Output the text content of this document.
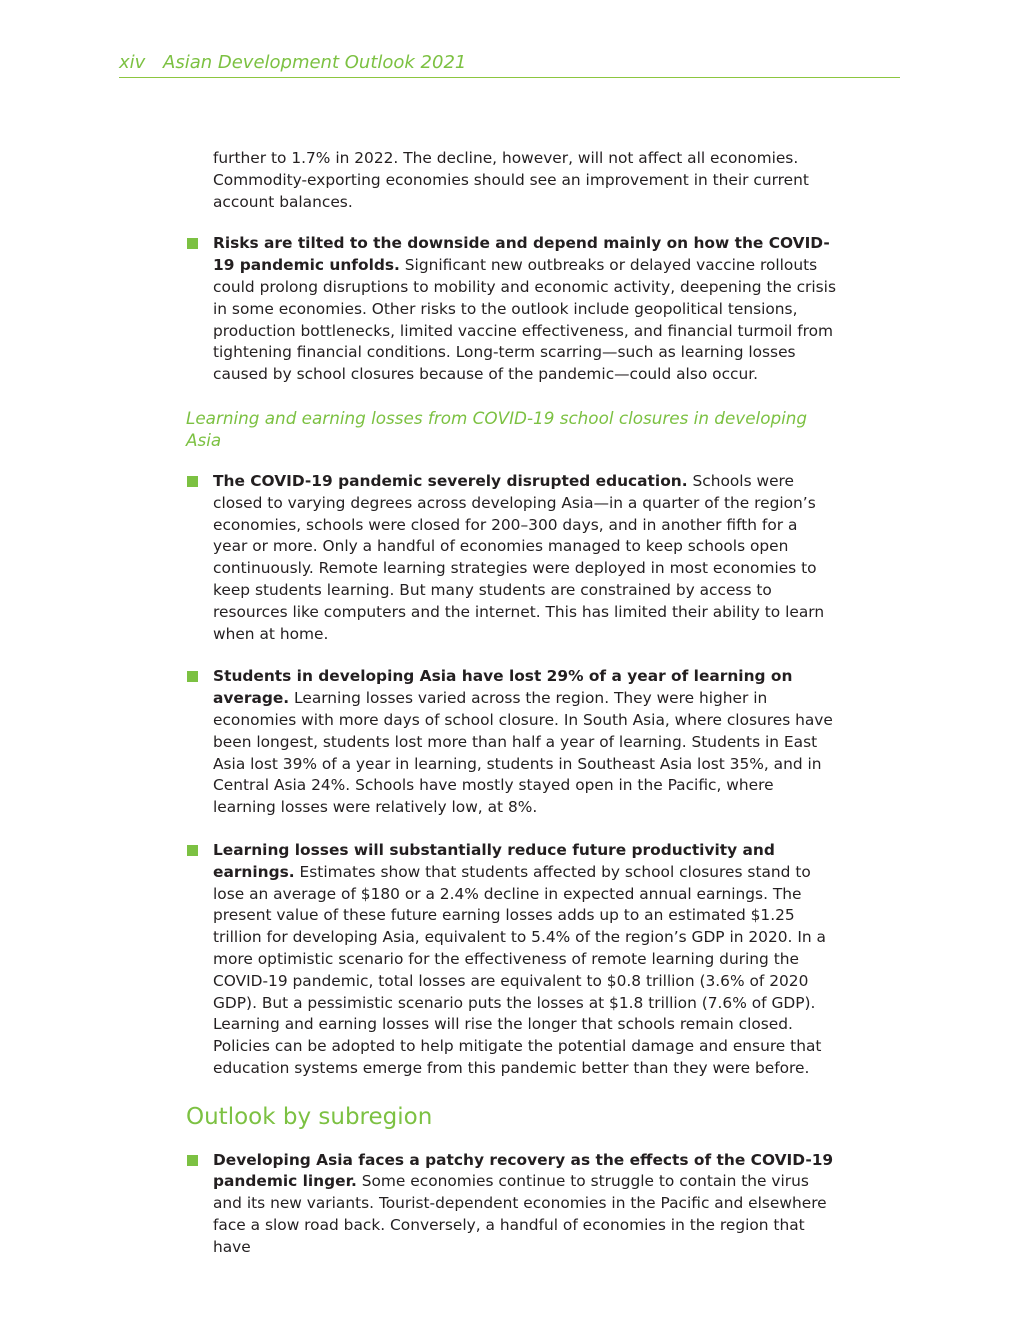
xiv Asian Development Outlook 2021

further to 1.7% in 2022. The decline, however, will not affect all economies. Commodity-exporting economies should see an improvement in their current account balances.

Risks are tilted to the downside and depend mainly on how the COVID-19 pandemic unfolds. Significant new outbreaks or delayed vaccine rollouts could prolong disruptions to mobility and economic activity, deepening the crisis in some economies. Other risks to the outlook include geopolitical tensions, production bottlenecks, limited vaccine effectiveness, and financial turmoil from tightening financial conditions. Long-term scarring—such as learning losses caused by school closures because of the pandemic—could also occur.

Learning and earning losses from COVID-19 school closures in developing Asia

The COVID-19 pandemic severely disrupted education. Schools were closed to varying degrees across developing Asia—in a quarter of the region’s economies, schools were closed for 200–300 days, and in another fifth for a year or more. Only a handful of economies managed to keep schools open continuously. Remote learning strategies were deployed in most economies to keep students learning. But many students are constrained by access to resources like computers and the internet. This has limited their ability to learn when at home.
Students in developing Asia have lost 29% of a year of learning on average. Learning losses varied across the region. They were higher in economies with more days of school closure. In South Asia, where closures have been longest, students lost more than half a year of learning. Students in East Asia lost 39% of a year in learning, students in Southeast Asia lost 35%, and in Central Asia 24%. Schools have mostly stayed open in the Pacific, where learning losses were relatively low, at 8%.
Learning losses will substantially reduce future productivity and earnings. Estimates show that students affected by school closures stand to lose an average of $180 or a 2.4% decline in expected annual earnings. The present value of these future earning losses adds up to an estimated $1.25 trillion for developing Asia, equivalent to 5.4% of the region’s GDP in 2020. In a more optimistic scenario for the effectiveness of remote learning during the COVID-19 pandemic, total losses are equivalent to $0.8 trillion (3.6% of 2020 GDP). But a pessimistic scenario puts the losses at $1.8 trillion (7.6% of GDP). Learning and earning losses will rise the longer that schools remain closed. Policies can be adopted to help mitigate the potential damage and ensure that education systems emerge from this pandemic better than they were before.
Outlook by subregion
Developing Asia faces a patchy recovery as the effects of the COVID-19 pandemic linger. Some economies continue to struggle to contain the virus and its new variants. Tourist-dependent economies in the Pacific and elsewhere face a slow road back. Conversely, a handful of economies in the region that have
